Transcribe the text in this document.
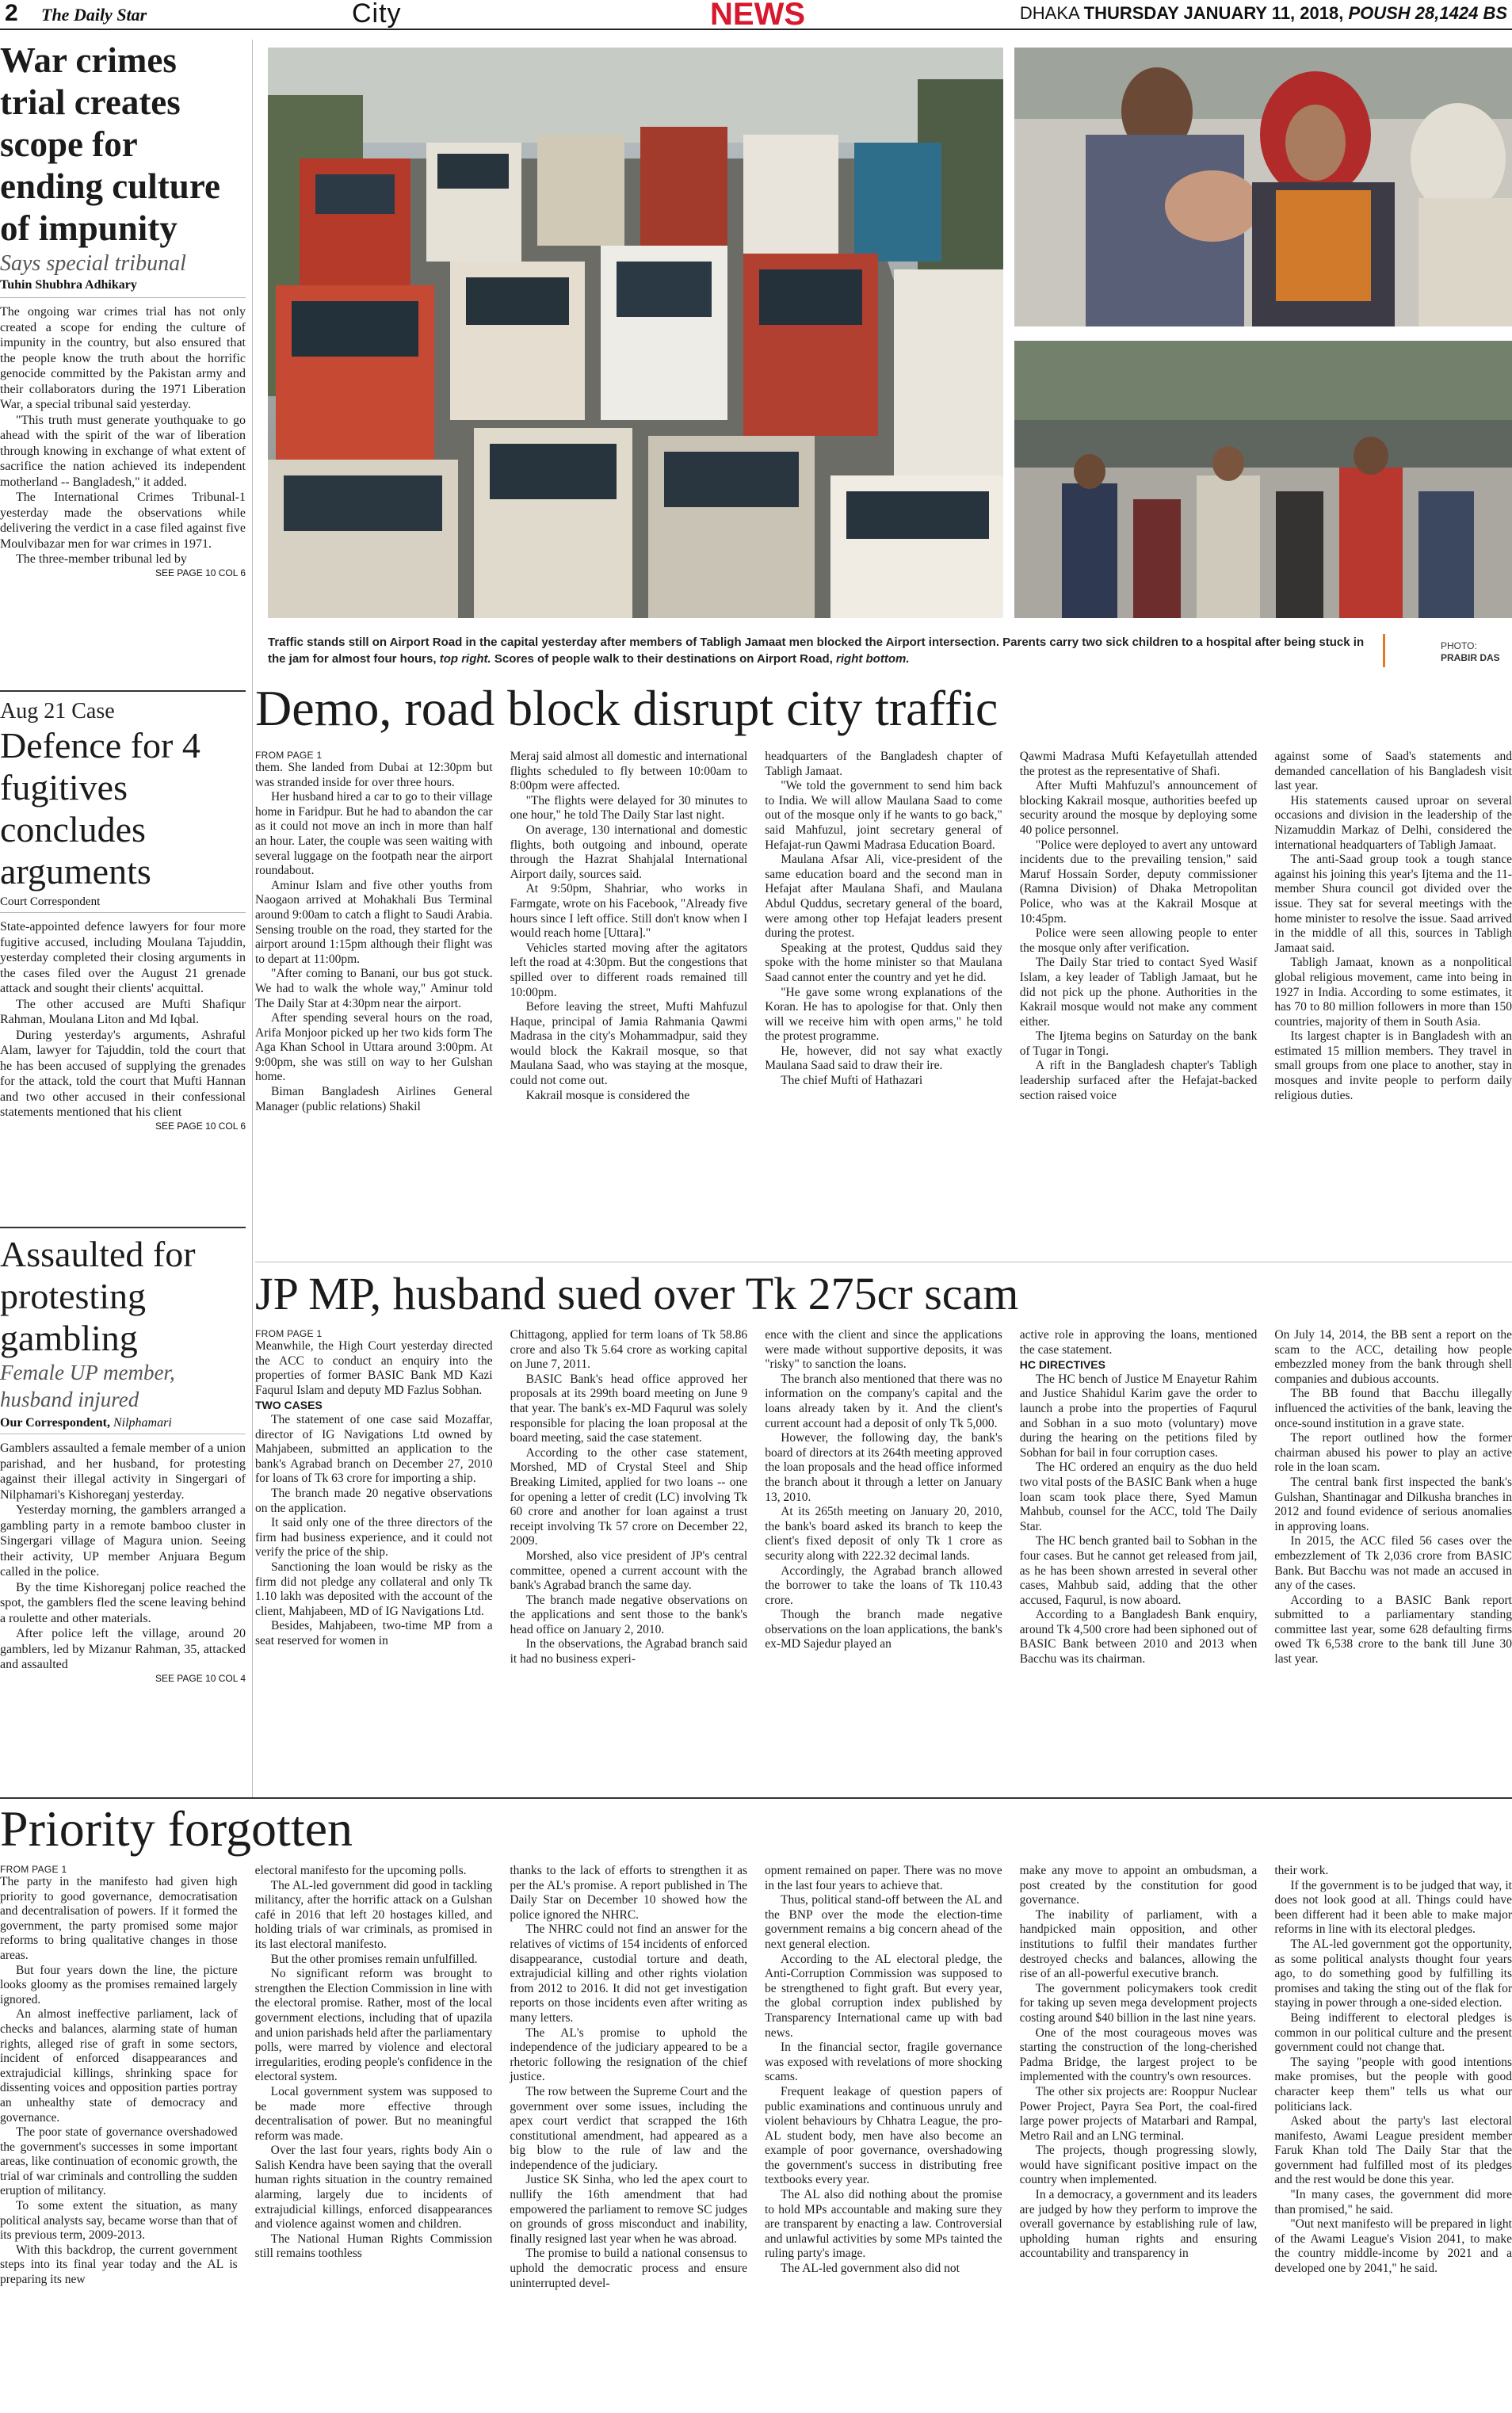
2 The Daily Star	City	NEWS	DHAKA THURSDAY JANUARY 11, 2018, POUSH 28,1424 BS
War crimes trial creates scope for ending culture of impunity
Says special tribunal
Tuhin Shubhra Adhikary

The ongoing war crimes trial has not only created a scope for ending the culture of impunity in the country, but also ensured that the people know the truth about the horrific genocide committed by the Pakistan army and their collaborators during the 1971 Liberation War, a special tribunal said yesterday.

"This truth must generate youthquake to go ahead with the spirit of the war of liberation through knowing in exchange of what extent of sacrifice the nation achieved its independent motherland -- Bangladesh," it added.

The International Crimes Tribunal-1 yesterday made the observations while delivering the verdict in a case filed against five Moulvibazar men for war crimes in 1971.

The three-member tribunal led by

SEE PAGE 10 COL 6
Aug 21 Case
Defence for 4 fugitives concludes arguments
Court Correspondent

State-appointed defence lawyers for four more fugitive accused, including Moulana Tajuddin, yesterday completed their closing arguments in the cases filed over the August 21 grenade attack and sought their clients' acquittal.

The other accused are Mufti Shafiqur Rahman, Moulana Liton and Md Iqbal.

During yesterday's arguments, Ashraful Alam, lawyer for Tajuddin, told the court that he has been accused of supplying the grenades for the attack, told the court that Mufti Hannan and two other accused in their confessional statements mentioned that his client

SEE PAGE 10 COL 6
Assaulted for protesting gambling
Female UP member, husband injured
Our Correspondent, Nilphamari

Gamblers assaulted a female member of a union parishad, and her husband, for protesting against their illegal activity in Singergari of Nilphamari's Kishoreganj yesterday.

Yesterday morning, the gamblers arranged a gambling party in a remote bamboo cluster in Singergari village of Magura union. Seeing their activity, UP member Anjuara Begum called in the police.

By the time Kishoreganj police reached the spot, the gamblers fled the scene leaving behind a roulette and other materials.

After police left the village, around 20 gamblers, led by Mizanur Rahman, 35, attacked and assaulted

SEE PAGE 10 COL 4
Traffic stands still on Airport Road in the capital yesterday after members of Tabligh Jamaat men blocked the Airport intersection. Parents carry two sick children to a hospital after being stuck in the jam for almost four hours, top right. Scores of people walk to their destinations on Airport Road, right bottom.
PHOTO:
PRABIR DAS
Demo, road block disrupt city traffic
FROM PAGE 1

them. She landed from Dubai at 12:30pm but was stranded inside for over three hours.

Her husband hired a car to go to their village home in Faridpur. But he had to abandon the car as it could not move an inch in more than half an hour. Later, the couple was seen waiting with several luggage on the footpath near the airport roundabout.

Aminur Islam and five other youths from Naogaon arrived at Mohakhali Bus Terminal around 9:00am to catch a flight to Saudi Arabia. Sensing trouble on the road, they started for the airport around 1:15pm although their flight was to depart at 11:00pm.

"After coming to Banani, our bus got stuck. We had to walk the whole way," Aminur told The Daily Star at 4:30pm near the airport.

After spending several hours on the road, Arifa Monjoor picked up her two kids form The Aga Khan School in Uttara around 3:00pm. At 9:00pm, she was still on way to her Gulshan home.

Biman Bangladesh Airlines General Manager (public relations) Shakil

Meraj said almost all domestic and international flights scheduled to fly between 10:00am to 8:00pm were affected.

"The flights were delayed for 30 minutes to one hour," he told The Daily Star last night.

On average, 130 international and domestic flights, both outgoing and inbound, operate through the Hazrat Shahjalal International Airport daily, sources said.

At 9:50pm, Shahriar, who works in Farmgate, wrote on his Facebook, "Already five hours since I left office. Still don't know when I would reach home [Uttara]."

Vehicles started moving after the agitators left the road at 4:30pm. But the congestions that spilled over to different roads remained till 10:00pm.

Before leaving the street, Mufti Mahfuzul Haque, principal of Jamia Rahmania Qawmi Madrasa in the city's Mohammadpur, said they would block the Kakrail mosque, so that Maulana Saad, who was staying at the mosque, could not come out.

Kakrail mosque is considered the

headquarters of the Bangladesh chapter of Tabligh Jamaat.

"We told the government to send him back to India. We will allow Maulana Saad to come out of the mosque only if he wants to go back," said Mahfuzul, joint secretary general of Hefajat-run Qawmi Madrasa Education Board.

Maulana Afsar Ali, vice-president of the same education board and the second man in Hefajat after Maulana Shafi, and Maulana Abdul Quddus, secretary general of the board, were among other top Hefajat leaders present during the protest.

Speaking at the protest, Quddus said they spoke with the home minister so that Maulana Saad cannot enter the country and yet he did.

"He gave some wrong explanations of the Koran. He has to apologise for that. Only then will we receive him with open arms," he told the protest programme.

He, however, did not say what exactly Maulana Saad said to draw their ire.

The chief Mufti of Hathazari

Qawmi Madrasa Mufti Kefayetullah attended the protest as the representative of Shafi.

After Mufti Mahfuzul's announcement of blocking Kakrail mosque, authorities beefed up security around the mosque by deploying some 40 police personnel.

"Police were deployed to avert any untoward incidents due to the prevailing tension," said Maruf Hossain Sorder, deputy commissioner (Ramna Division) of Dhaka Metropolitan Police, who was at the Kakrail Mosque at 10:45pm.

Police were seen allowing people to enter the mosque only after verification.

The Daily Star tried to contact Syed Wasif Islam, a key leader of Tabligh Jamaat, but he did not pick up the phone. Authorities in the Kakrail mosque would not make any comment either.

The Ijtema begins on Saturday on the bank of Tugar in Tongi.

A rift in the Bangladesh chapter's Tabligh leadership surfaced after the Hefajat-backed section raised voice

against some of Saad's statements and demanded cancellation of his Bangladesh visit last year.

His statements caused uproar on several occasions and division in the leadership of the Nizamuddin Markaz of Delhi, considered the international headquarters of Tabligh Jamaat.

The anti-Saad group took a tough stance against his joining this year's Ijtema and the 11-member Shura council got divided over the issue. They sat for several meetings with the home minister to resolve the issue. Saad arrived in the middle of all this, sources in Tabligh Jamaat said.

Tabligh Jamaat, known as a nonpolitical global religious movement, came into being in 1927 in India. According to some estimates, it has 70 to 80 million followers in more than 150 countries, majority of them in South Asia.

Its largest chapter is in Bangladesh with an estimated 15 million members. They travel in small groups from one place to another, stay in mosques and invite people to perform daily religious duties.

JP MP, husband sued over Tk 275cr scam
FROM PAGE 1

Meanwhile, the High Court yesterday directed the ACC to conduct an enquiry into the properties of former BASIC Bank MD Kazi Faqurul Islam and deputy MD Fazlus Sobhan.

TWO CASES

The statement of one case said Mozaffar, director of IG Navigations Ltd owned by Mahjabeen, submitted an application to the bank's Agrabad branch on December 27, 2010 for loans of Tk 63 crore for importing a ship.

The branch made 20 negative observations on the application.

It said only one of the three directors of the firm had business experience, and it could not verify the price of the ship.

Sanctioning the loan would be risky as the firm did not pledge any collateral and only Tk 1.10 lakh was deposited with the account of the client, Mahjabeen, MD of IG Navigations Ltd.

Besides, Mahjabeen, two-time MP from a seat reserved for women in

Chittagong, applied for term loans of Tk 58.86 crore and also Tk 5.64 crore as working capital on June 7, 2011.

BASIC Bank's head office approved her proposals at its 299th board meeting on June 9 that year. The bank's ex-MD Faqurul was solely responsible for placing the loan proposal at the board meeting, said the case statement.

According to the other case statement, Morshed, MD of Crystal Steel and Ship Breaking Limited, applied for two loans -- one for opening a letter of credit (LC) involving Tk 60 crore and another for loan against a trust receipt involving Tk 57 crore on December 22, 2009.

Morshed, also vice president of JP's central committee, opened a current account with the bank's Agrabad branch the same day.

The branch made negative observations on the applications and sent those to the bank's head office on January 2, 2010.

In the observations, the Agrabad branch said it had no business experi-

ence with the client and since the applications were made without supportive deposits, it was "risky" to sanction the loans.

The branch also mentioned that there was no information on the company's capital and the loans already taken by it. And the client's current account had a deposit of only Tk 5,000.

However, the following day, the bank's board of directors at its 264th meeting approved the loan proposals and the head office informed the branch about it through a letter on January 13, 2010.

At its 265th meeting on January 20, 2010, the bank's board asked its branch to keep the client's fixed deposit of only Tk 1 crore as security along with 222.32 decimal lands.

Accordingly, the Agrabad branch allowed the borrower to take the loans of Tk 110.43 crore.

Though the branch made negative observations on the loan applications, the bank's ex-MD Sajedur played an

active role in approving the loans, mentioned the case statement.

HC DIRECTIVES

The HC bench of Justice M Enayetur Rahim and Justice Shahidul Karim gave the order to launch a probe into the properties of Faqurul and Sobhan in a suo moto (voluntary) move during the hearing on the petitions filed by Sobhan for bail in four corruption cases.

The HC ordered an enquiry as the duo held two vital posts of the BASIC Bank when a huge loan scam took place there, Syed Mamun Mahbub, counsel for the ACC, told The Daily Star.

The HC bench granted bail to Sobhan in the four cases. But he cannot get released from jail, as he has been shown arrested in several other cases, Mahbub said, adding that the other accused, Faqurul, is now aboard.

According to a Bangladesh Bank enquiry, around Tk 4,500 crore had been siphoned out of BASIC Bank between 2010 and 2013 when Bacchu was its chairman.

On July 14, 2014, the BB sent a report on the scam to the ACC, detailing how people embezzled money from the bank through shell companies and dubious accounts.

The BB found that Bacchu illegally influenced the activities of the bank, leaving the once-sound institution in a grave state.

The report outlined how the former chairman abused his power to play an active role in the loan scam.

The central bank first inspected the bank's Gulshan, Shantinagar and Dilkusha branches in 2012 and found evidence of serious anomalies in approving loans.

In 2015, the ACC filed 56 cases over the embezzlement of Tk 2,036 crore from BASIC Bank. But Bacchu was not made an accused in any of the cases.

According to a BASIC Bank report submitted to a parliamentary standing committee last year, some 628 defaulting firms owed Tk 6,538 crore to the bank till June 30 last year.

Priority forgotten
FROM PAGE 1

The party in the manifesto had given high priority to good governance, democratisation and decentralisation of powers. If it formed the government, the party promised some major reforms to bring qualitative changes in those areas.

But four years down the line, the picture looks gloomy as the promises remained largely ignored.

An almost ineffective parliament, lack of checks and balances, alarming state of human rights, alleged rise of graft in some sectors, incident of enforced disappearances and extrajudicial killings, shrinking space for dissenting voices and opposition parties portray an unhealthy state of democracy and governance.

The poor state of governance overshadowed the government's successes in some important areas, like continuation of economic growth, the trial of war criminals and controlling the sudden eruption of militancy.

To some extent the situation, as many political analysts say, became worse than that of its previous term, 2009-2013.

With this backdrop, the current government steps into its final year today and the AL is preparing its new

electoral manifesto for the upcoming polls.

The AL-led government did good in tackling militancy, after the horrific attack on a Gulshan café in 2016 that left 20 hostages killed, and holding trials of war criminals, as promised in its last electoral manifesto.

But the other promises remain unfulfilled.

No significant reform was brought to strengthen the Election Commission in line with the electoral promise. Rather, most of the local government elections, including that of upazila and union parishads held after the parliamentary polls, were marred by violence and electoral irregularities, eroding people's confidence in the electoral system.

Local government system was supposed to be made more effective through decentralisation of power. But no meaningful reform was made.

Over the last four years, rights body Ain o Salish Kendra have been saying that the overall human rights situation in the country remained alarming, largely due to incidents of extrajudicial killings, enforced disappearances and violence against women and children.

The National Human Rights Commission still remains toothless

thanks to the lack of efforts to strengthen it as per the AL's promise. A report published in The Daily Star on December 10 showed how the police ignored the NHRC.

The NHRC could not find an answer for the relatives of victims of 154 incidents of enforced disappearance, custodial torture and death, extrajudicial killing and other rights violation from 2012 to 2016. It did not get investigation reports on those incidents even after writing as many letters.

The AL's promise to uphold the independence of the judiciary appeared to be a rhetoric following the resignation of the chief justice.

The row between the Supreme Court and the government over some issues, including the apex court verdict that scrapped the 16th constitutional amendment, had appeared as a big blow to the rule of law and the independence of the judiciary.

Justice SK Sinha, who led the apex court to nullify the 16th amendment that had empowered the parliament to remove SC judges on grounds of gross misconduct and inability, finally resigned last year when he was abroad.

The promise to build a national consensus to uphold the democratic process and ensure uninterrupted devel-

opment remained on paper. There was no move in the last four years to achieve that.

Thus, political stand-off between the AL and the BNP over the mode the election-time government remains a big concern ahead of the next general election.

According to the AL electoral pledge, the Anti-Corruption Commission was supposed to be strengthened to fight graft. But every year, the global corruption index published by Transparency International came up with bad news.

In the financial sector, fragile governance was exposed with revelations of more shocking scams.

Frequent leakage of question papers of public examinations and continuous unruly and violent behaviours by Chhatra League, the pro-AL student body, men have also become an example of poor governance, overshadowing the government's success in distributing free textbooks every year.

The AL also did nothing about the promise to hold MPs accountable and making sure they are transparent by enacting a law. Controversial and unlawful activities by some MPs tainted the ruling party's image.

The AL-led government also did not

make any move to appoint an ombudsman, a post created by the constitution for good governance.

The inability of parliament, with a handpicked main opposition, and other institutions to fulfil their mandates further destroyed checks and balances, allowing the rise of an all-powerful executive branch.

The government policymakers took credit for taking up seven mega development projects costing around $40 billion in the last nine years.

One of the most courageous moves was starting the construction of the long-cherished Padma Bridge, the largest project to be implemented with the country's own resources.

The other six projects are: Rooppur Nuclear Power Project, Payra Sea Port, the coal-fired large power projects of Matarbari and Rampal, Metro Rail and an LNG terminal.

The projects, though progressing slowly, would have significant positive impact on the country when implemented.

In a democracy, a government and its leaders are judged by how they perform to improve the overall governance by establishing rule of law, upholding human rights and ensuring accountability and transparency in

their work.

If the government is to be judged that way, it does not look good at all. Things could have been different had it been able to make major reforms in line with its electoral pledges.

The AL-led government got the opportunity, as some political analysts thought four years ago, to do something good by fulfilling its promises and taking the sting out of the flak for staying in power through a one-sided election.

Being indifferent to electoral pledges is common in our political culture and the present government could not change that.

The saying "people with good intentions make promises, but the people with good character keep them" tells us what our politicians lack.

Asked about the party's last electoral manifesto, Awami League president member Faruk Khan told The Daily Star that the government had fulfilled most of its pledges and the rest would be done this year.

"In many cases, the government did more than promised," he said.

"Out next manifesto will be prepared in light of the Awami League's Vision 2041, to make the country middle-income by 2021 and a developed one by 2041," he said.
